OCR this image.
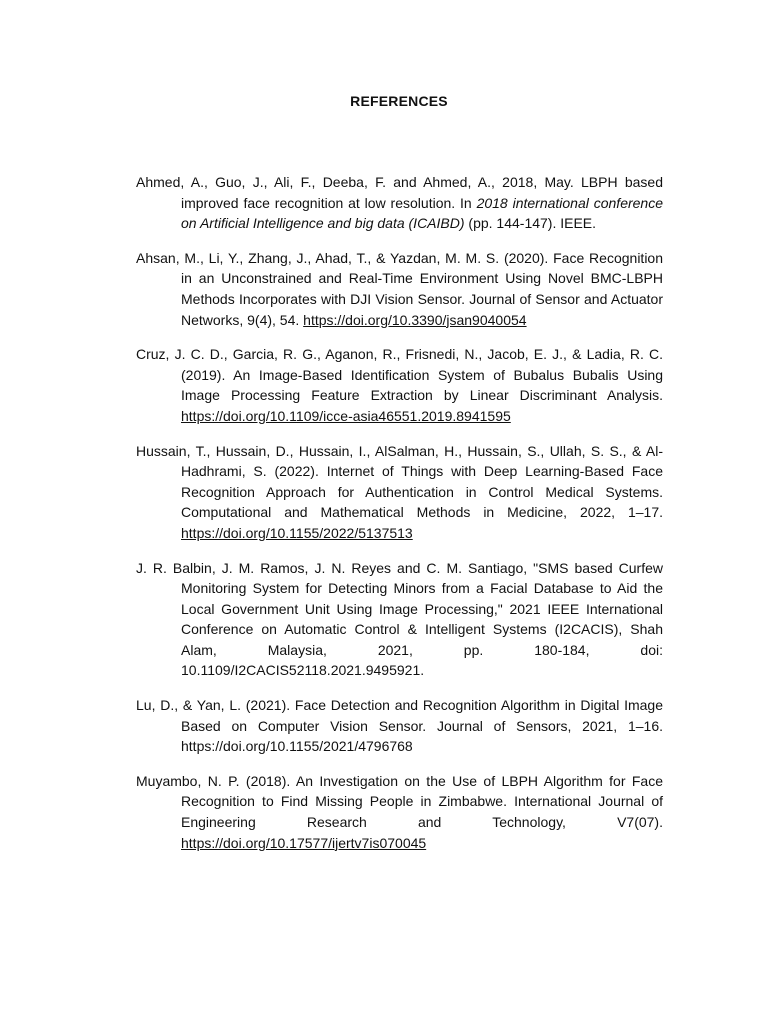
REFERENCES

Ahmed, A., Guo, J., Ali, F., Deeba, F. and Ahmed, A., 2018, May. LBPH based improved face recognition at low resolution. In 2018 international conference on Artificial Intelligence and big data (ICAIBD) (pp. 144-147). IEEE.

Ahsan, M., Li, Y., Zhang, J., Ahad, T., & Yazdan, M. M. S. (2020). Face Recognition in an Unconstrained and Real-Time Environment Using Novel BMC-LBPH Methods Incorporates with DJI Vision Sensor. Journal of Sensor and Actuator Networks, 9(4), 54. https://doi.org/10.3390/jsan9040054

Cruz, J. C. D., Garcia, R. G., Aganon, R., Frisnedi, N., Jacob, E. J., & Ladia, R. C. (2019). An Image-Based Identification System of Bubalus Bubalis Using Image Processing Feature Extraction by Linear Discriminant Analysis. https://doi.org/10.1109/icce-asia46551.2019.8941595

Hussain, T., Hussain, D., Hussain, I., AlSalman, H., Hussain, S., Ullah, S. S., & Al-Hadhrami, S. (2022). Internet of Things with Deep Learning-Based Face Recognition Approach for Authentication in Control Medical Systems. Computational and Mathematical Methods in Medicine, 2022, 1–17. https://doi.org/10.1155/2022/5137513

J. R. Balbin, J. M. Ramos, J. N. Reyes and C. M. Santiago, "SMS based Curfew Monitoring System for Detecting Minors from a Facial Database to Aid the Local Government Unit Using Image Processing," 2021 IEEE International Conference on Automatic Control & Intelligent Systems (I2CACIS), Shah Alam, Malaysia, 2021, pp. 180-184, doi: 10.1109/I2CACIS52118.2021.9495921.

Lu, D., & Yan, L. (2021). Face Detection and Recognition Algorithm in Digital Image Based on Computer Vision Sensor. Journal of Sensors, 2021, 1–16. https://doi.org/10.1155/2021/4796768

Muyambo, N. P. (2018). An Investigation on the Use of LBPH Algorithm for Face Recognition to Find Missing People in Zimbabwe. International Journal of Engineering Research and Technology, V7(07). https://doi.org/10.17577/ijertv7is070045
